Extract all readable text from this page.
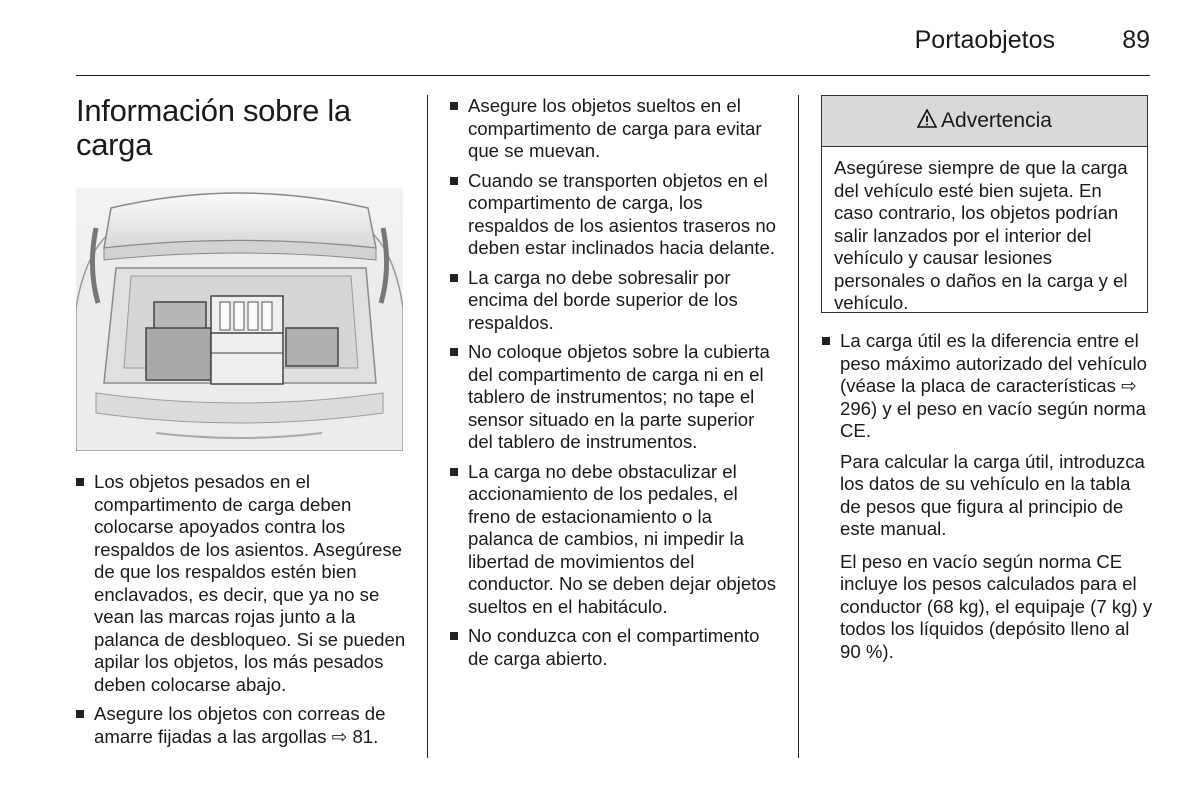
Portaobjetos	89
Información sobre la carga
Los objetos pesados en el compartimento de carga deben colocarse apoyados contra los respaldos de los asientos. Asegúrese de que los respaldos estén bien enclavados, es decir, que ya no se vean las marcas rojas junto a la palanca de desbloqueo. Si se pueden apilar los objetos, los más pesados deben colocarse abajo.
Asegure los objetos con correas de amarre fijadas a las argollas ⇨ 81.
Asegure los objetos sueltos en el compartimento de carga para evitar que se muevan.
Cuando se transporten objetos en el compartimento de carga, los respaldos de los asientos traseros no deben estar inclinados hacia delante.
La carga no debe sobresalir por encima del borde superior de los respaldos.
No coloque objetos sobre la cubierta del compartimento de carga ni en el tablero de instrumentos; no tape el sensor situado en la parte superior del tablero de instrumentos.
La carga no debe obstaculizar el accionamiento de los pedales, el freno de estacionamiento o la palanca de cambios, ni impedir la libertad de movimientos del conductor. No se deben dejar objetos sueltos en el habitáculo.
No conduzca con el compartimento de carga abierto.
Advertencia
Asegúrese siempre de que la carga del vehículo esté bien sujeta. En caso contrario, los objetos podrían salir lanzados por el interior del vehículo y causar lesiones personales o daños en la carga y el vehículo.
La carga útil es la diferencia entre el peso máximo autorizado del vehículo (véase la placa de características ⇨ 296) y el peso en vacío según norma CE.

Para calcular la carga útil, introduzca los datos de su vehículo en la tabla de pesos que figura al principio de este manual.

El peso en vacío según norma CE incluye los pesos calculados para el conductor (68 kg), el equipaje (7 kg) y todos los líquidos (depósito lleno al 90 %).
